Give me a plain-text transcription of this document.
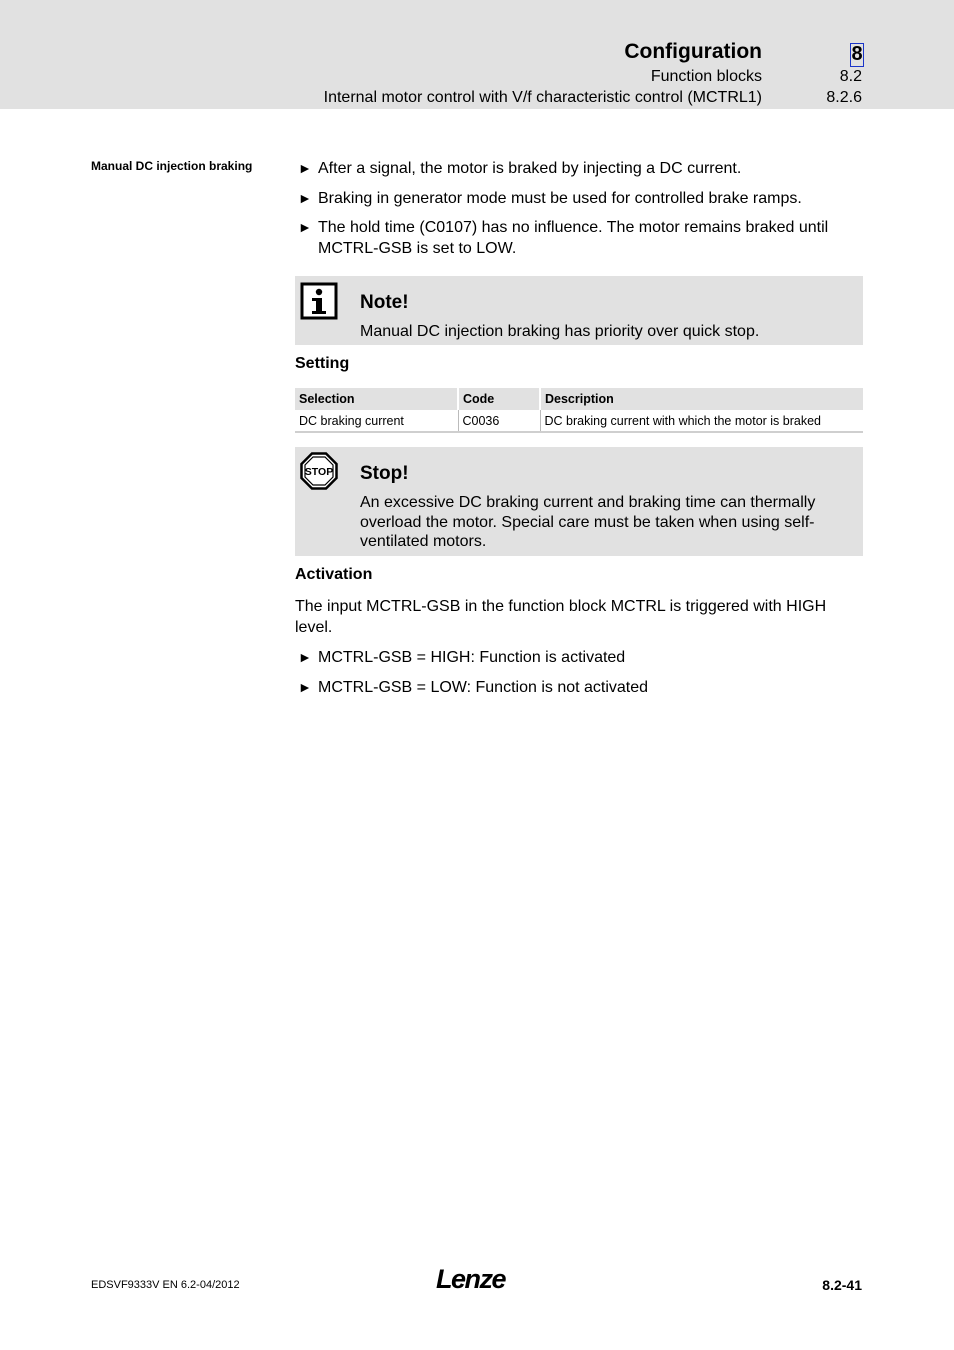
Configuration	8
Function blocks	8.2
Internal motor control with V/f characteristic control (MCTRL1)	8.2.6
Manual DC injection braking	► After a signal, the motor is braked by injecting a DC current.
► Braking in generator mode must be used for controlled brake ramps.
► The hold time (C0107) has no influence. The motor remains braked until MCTRL-GSB is set to LOW.
Note!
Manual DC injection braking has priority over quick stop.
Setting
Selection	Code	Description
DC braking current	C0036	DC braking current with which the motor is braked
STOP Stop!
An excessive DC braking current and braking time can thermally overload the motor. Special care must be taken when using self-ventilated motors.
Activation
The input MCTRL-GSB in the function block MCTRL is triggered with HIGH level.
► MCTRL-GSB = HIGH: Function is activated
► MCTRL-GSB = LOW: Function is not activated
EDSVF9333V EN 6.2-04/2012	Lenze	8.2-41
